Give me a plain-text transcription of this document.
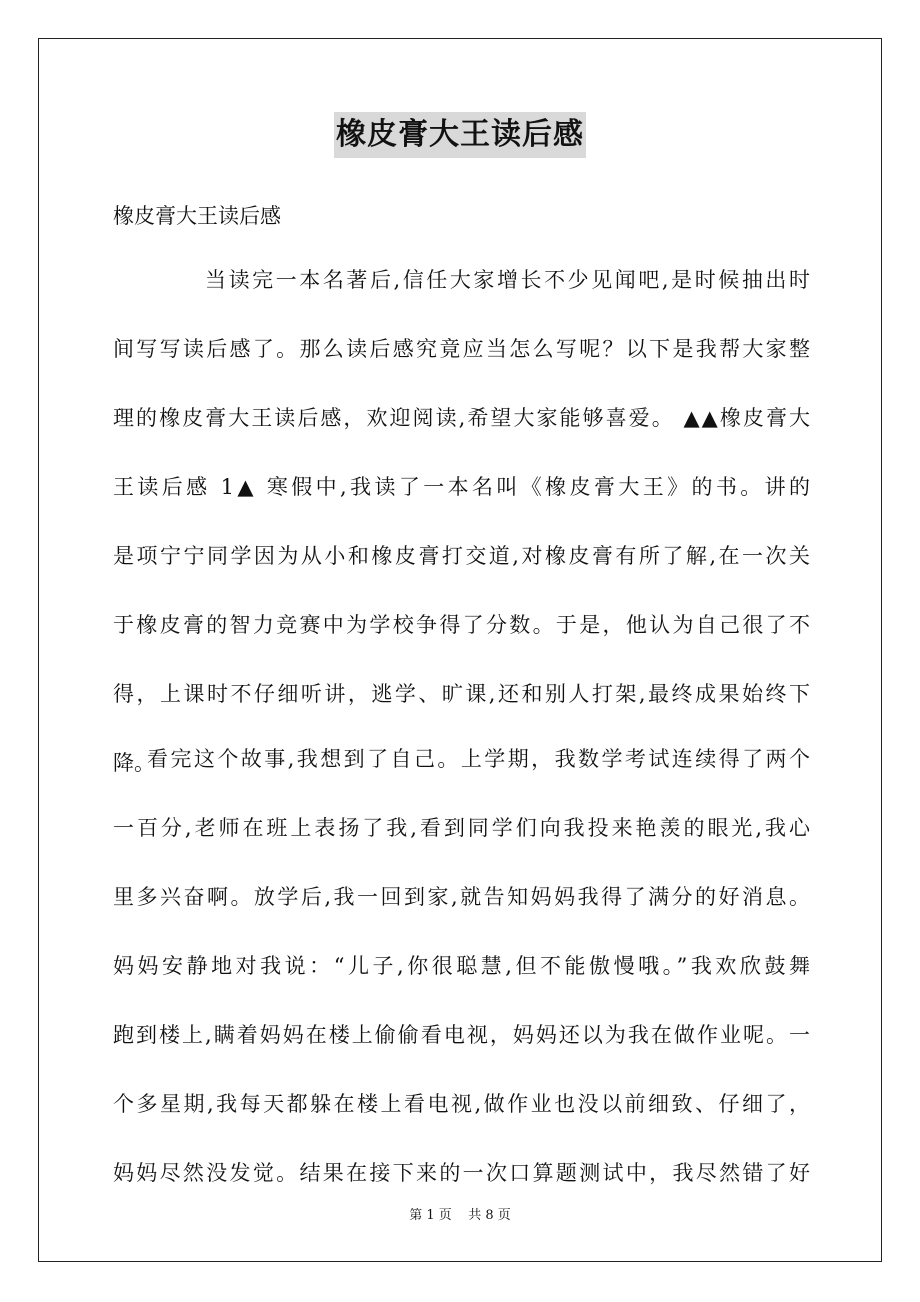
橡皮膏大王读后感

橡皮膏大王读后感

当读完一本名著后,信任大家增长不少见闻吧,是时候抽出时
间写写读后感了。那么读后感究竟应当怎么写呢？以下是我帮大家整
理的橡皮膏大王读后感，欢迎阅读,希望大家能够喜爱。 ▲▲橡皮膏大
王读后感 1▲ 寒假中,我读了一本名叫《橡皮膏大王》的书。讲的
是项宁宁同学因为从小和橡皮膏打交道,对橡皮膏有所了解,在一次关
于橡皮膏的智力竞赛中为学校争得了分数。于是，他认为自己很了不
得，上课时不仔细听讲，逃学、旷课,还和别人打架,最终成果始终下
降。
看完这个故事,我想到了自己。上学期，我数学考试连续得了两个
一百分,老师在班上表扬了我,看到同学们向我投来艳羡的眼光,我心
里多兴奋啊。放学后,我一回到家,就告知妈妈我得了满分的好消息。
妈妈安静地对我说：“儿子,你很聪慧,但不能傲慢哦。”我欢欣鼓舞
跑到楼上,瞒着妈妈在楼上偷偷看电视，妈妈还以为我在做作业呢。一
个多星期,我每天都躲在楼上看电视,做作业也没以前细致、仔细了，
妈妈尽然没发觉。结果在接下来的一次口算题测试中，我尽然错了好
第 1 页    共 8 页
